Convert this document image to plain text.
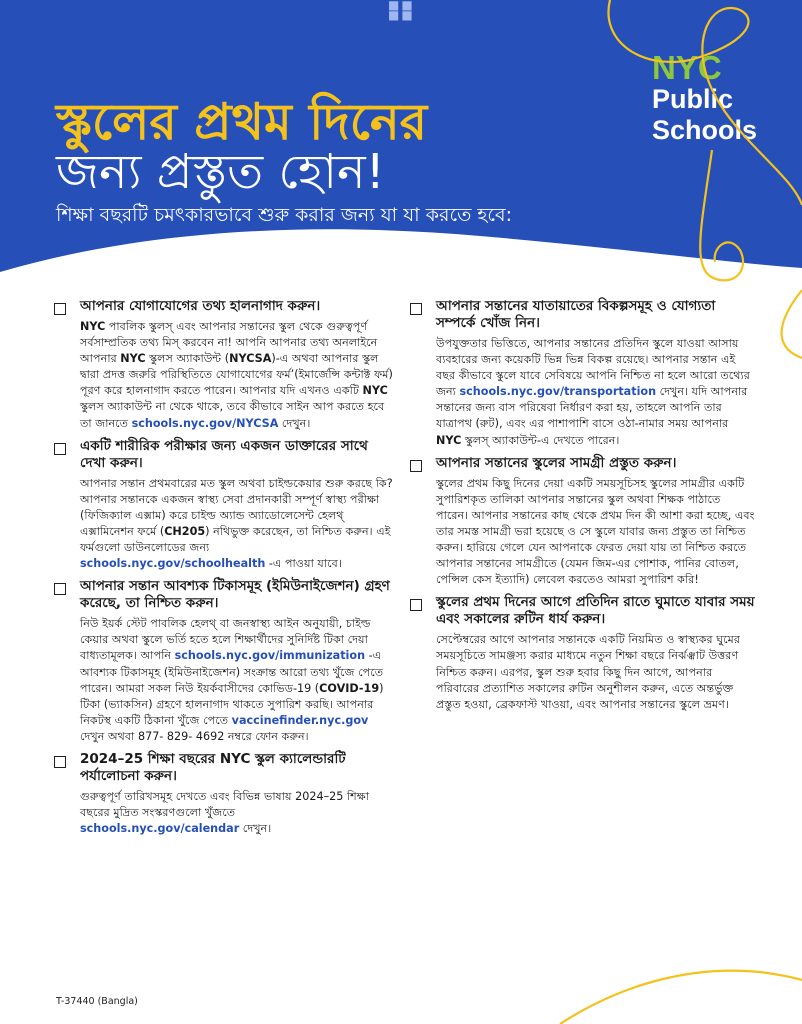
■■
■■
স্কুলের প্রথম দিনের
জন্য প্রস্তুত হোন!
শিক্ষা বছরটি চমৎকারভাবে শুরু করার জন্য যা যা করতে হবে:
NYC
Public
Schools
আপনার যোগাযোগের তথ্য হালনাগাদ করুন।
NYC পাবলিক স্কুলস্ এবং আপনার সন্তানের স্কুল থেকে গুরুত্বপূর্ণ সর্বসাম্প্রতিক তথ্য মিস্ করবেন না! আপনি আপনার তথ্য অনলাইনে আপনার NYC স্কুলস অ্যাকাউন্ট (NYCSA)-এ অথবা আপনার স্কুল দ্বারা প্রদত্ত জরুরি পরিস্থিতিতে যোগাযোগের ফর্ম’(ইমার্জেন্সি কন্টাক্ট ফর্ম) পূরণ করে হালনাগাদ করতে পারেন। আপনার যদি এখনও একটি NYC স্কুলস অ্যাকাউন্ট না থেকে থাকে, তবে কীভাবে সাইন আপ করতে হবে তা জানতে schools.nyc.gov/NYCSA দেখুন।
একটি শারীরিক পরীক্ষার জন্য একজন ডাক্তারের সাথে দেখা করুন।
আপনার সন্তান প্রথমবারের মত স্কুল অথবা চাইল্ডকেয়ার শুরু করছে কি? আপনার সন্তানকে একজন স্বাস্থ্য সেবা প্রদানকারী সম্পূর্ণ স্বাস্থ্য পরীক্ষা (ফিজিক্যাল এক্সাম) করে চাইল্ড অ্যান্ড অ্যাডোলেসেন্ট হেলথ্ এক্সামিনেশন ফর্মে (CH205) নথিভুক্ত করেছেন, তা নিশ্চিত করুন। এই ফর্মগুলো ডাউনলোডের জন্য schools.nyc.gov/schoolhealth -এ পাওয়া যাবে।
আপনার সন্তান আবশ্যক টিকাসমূহ (ইমিউনাইজেশন) গ্রহণ করেছে, তা নিশ্চিত করুন।
নিউ ইয়র্ক স্টেট পাবলিক হেলথ্ বা জনস্বাস্থ্য আইন অনুযায়ী, চাইল্ড কেয়ার অথবা স্কুলে ভর্তি হতে হলে শিক্ষার্থীদের সুনির্দিষ্ট টিকা দেয়া বাধ্যতামূলক। আপনি schools.nyc.gov/immunization -এ আবশ্যক টিকাসমূহ (ইমিউনাইজেশন) সংক্রান্ত আরো তথ্য খুঁজে পেতে পারেন। আমরা সকল নিউ ইয়র্কবাসীদের কোভিড-19 (COVID-19) টিকা (ভ্যাকসিন) গ্রহণে হালনাগাদ থাকতে সুপারিশ করছি। আপনার নিকটস্থ একটি ঠিকানা খুঁজে পেতে vaccinefinder.nyc.gov দেখুন অথবা 877- 829- 4692 নম্বরে ফোন করুন।
2024–25 শিক্ষা বছরের NYC স্কুল ক্যালেন্ডারটি পর্যালোচনা করুন।
গুরুত্বপূর্ণ তারিখসমূহ দেখতে এবং বিভিন্ন ভাষায় 2024–25 শিক্ষা বছরের মুদ্রিত সংস্করণগুলো খুঁজতে schools.nyc.gov/calendar দেখুন।
আপনার সন্তানের যাতায়াতের বিকল্পসমূহ ও যোগ্যতা সম্পর্কে খোঁজ নিন।
উপযুক্ততার ভিত্তিতে, আপনার সন্তানের প্রতিদিন স্কুলে যাওয়া আসায় ব্যবহারের জন্য কয়েকটি ভিন্ন ভিন্ন বিকল্প রয়েছে। আপনার সন্তান এই বছর কীভাবে স্কুলে যাবে সেবিষয়ে আপনি নিশ্চিত না হলে আরো তথ্যের জন্য schools.nyc.gov/transportation দেখুন। যদি আপনার সন্তানের জন্য বাস পরিষেবা নির্ধারণ করা হয়, তাহলে আপনি তার যাত্রাপথ (রুট), এবং এর পাশাপাশি বাসে ওঠা-নামার সময় আপনার NYC স্কুলস্ অ্যাকাউন্ট-এ দেখতে পারেন।
আপনার সন্তানের স্কুলের সামগ্রী প্রস্তুত করুন।
স্কুলের প্রথম কিছু দিনের দেয়া একটি সময়সূচিসহ স্কুলের সামগ্রীর একটি সুপারিশকৃত তালিকা আপনার সন্তানের স্কুল অথবা শিক্ষক পাঠাতে পারেন। আপনার সন্তানের কাছ থেকে প্রথম দিন কী আশা করা হচ্ছে, এবং তার সমস্ত সামগ্রী ভরা হয়েছে ও সে স্কুলে যাবার জন্য প্রস্তুত তা নিশ্চিত করুন। হারিয়ে গেলে যেন আপনাকে ফেরত দেয়া যায় তা নিশ্চিত করতে আপনার সন্তানের সামগ্রীতে (যেমন জিম-এর পোশাক, পানির বোতল, পেন্সিল কেস ইত্যাদি) লেবেল করতেও আমরা সুপারিশ করি!
স্কুলের প্রথম দিনের আগে প্রতিদিন রাতে ঘুমাতে যাবার সময় এবং সকালের রুটিন ধার্য করুন।
সেপ্টেম্বরের আগে আপনার সন্তানকে একটি নিয়মিত ও স্বাস্থ্যকর ঘুমের সময়সূচিতে সামঞ্জস্য করার মাধ্যমে নতুন শিক্ষা বছরে নির্ঝঞ্ঝাট উত্তরণ নিশ্চিত করুন। এরপর, স্কুল শুরু হবার কিছু দিন আগে, আপনার পরিবারের প্রত্যাশিত সকালের রুটিন অনুশীলন করুন, এতে অন্তর্ভুক্ত প্রস্তুত হওয়া, ব্রেকফাস্ট খাওয়া, এবং আপনার সন্তানের স্কুলে ভ্রমণ।
T-37440 (Bangla)
